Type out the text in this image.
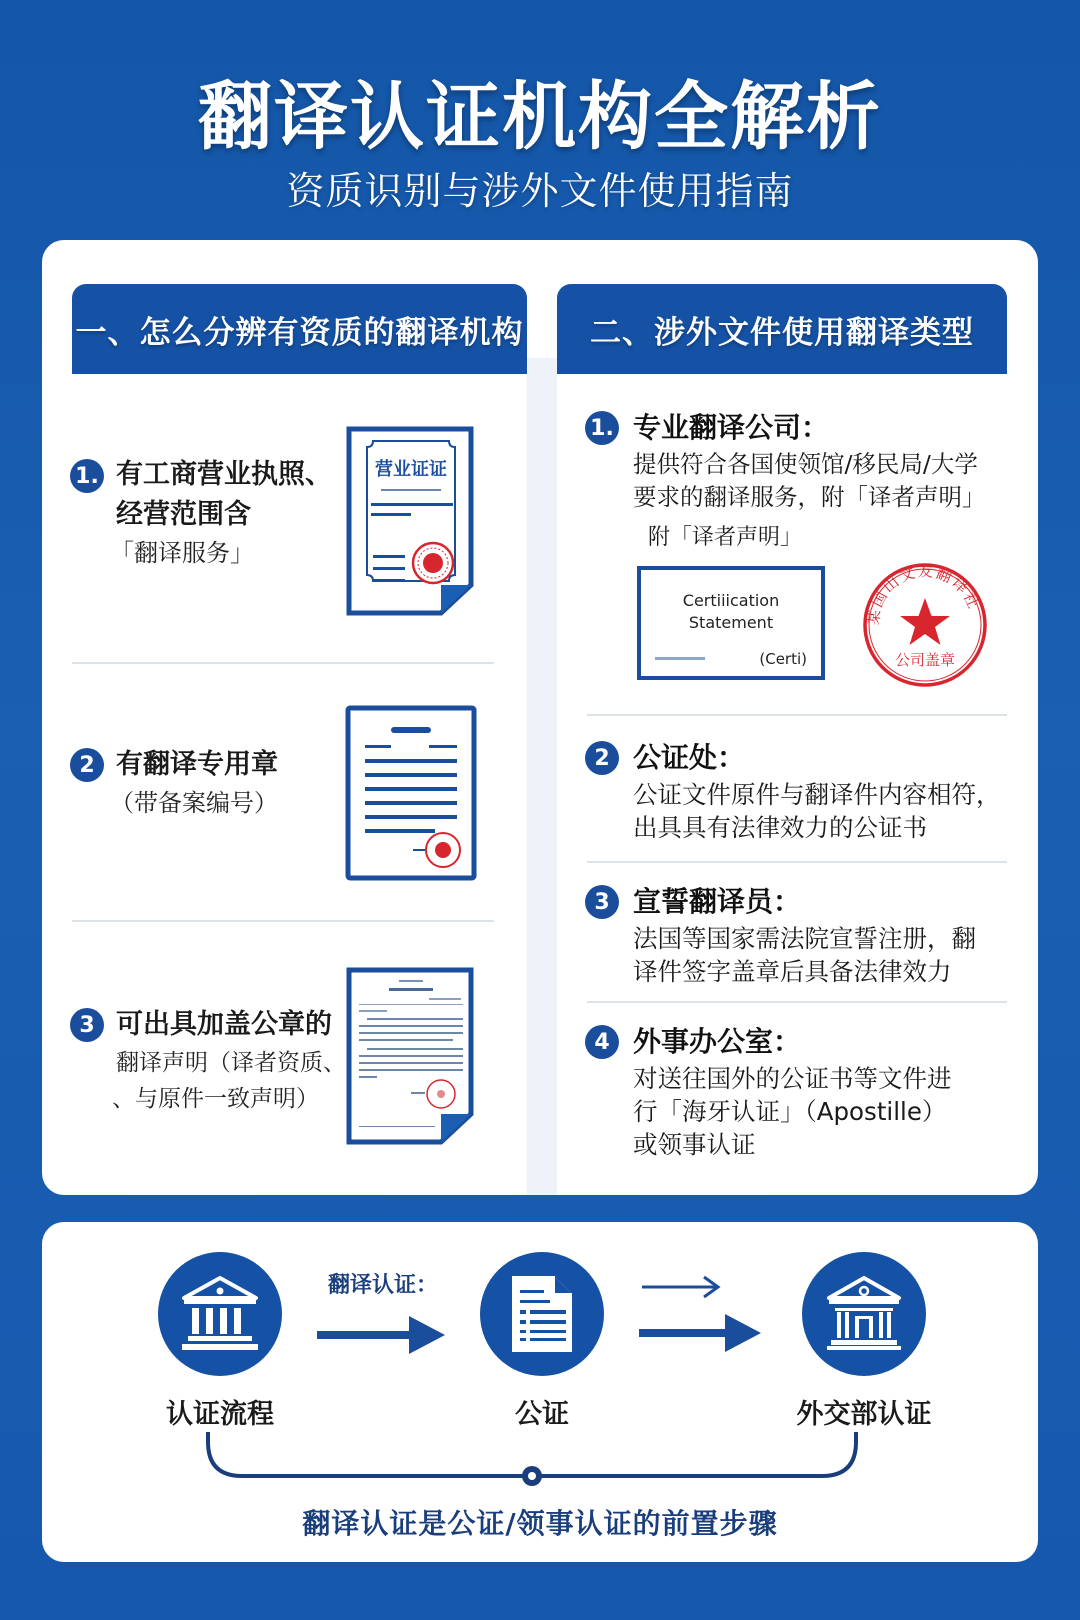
翻译认证机构全解析
资质识别与涉外文件使用指南
一、怎么分辨有资质的翻译机构	二、涉外文件使用翻译类型
1. 有工商营业执照、
经营范围含
「翻译服务」
营业证证
2 有翻译专用章
（带备案编号）
3 可出具加盖公章的
翻译声明（译者资质、
、与原件一致声明）
1. 专业翻译公司：
提供符合各国使领馆/移民局/大学
要求的翻译服务，附「译者声明」
附「译者声明」
Certiiication
Statement
(Certi)
某国山文友翻译社
公司盖章
2 公证处：
公证文件原件与翻译件内容相符，
出具具有法律效力的公证书
3 宣誓翻译员：
法国等国家需法院宣誓注册，翻
译件签字盖章后具备法律效力
4 外事办公室：
对送往国外的公证书等文件进
行「海牙认证」（Apostille）
或领事认证
认证流程
翻译认证：
公证	外交部认证
翻译认证是公证/领事认证的前置步骤
